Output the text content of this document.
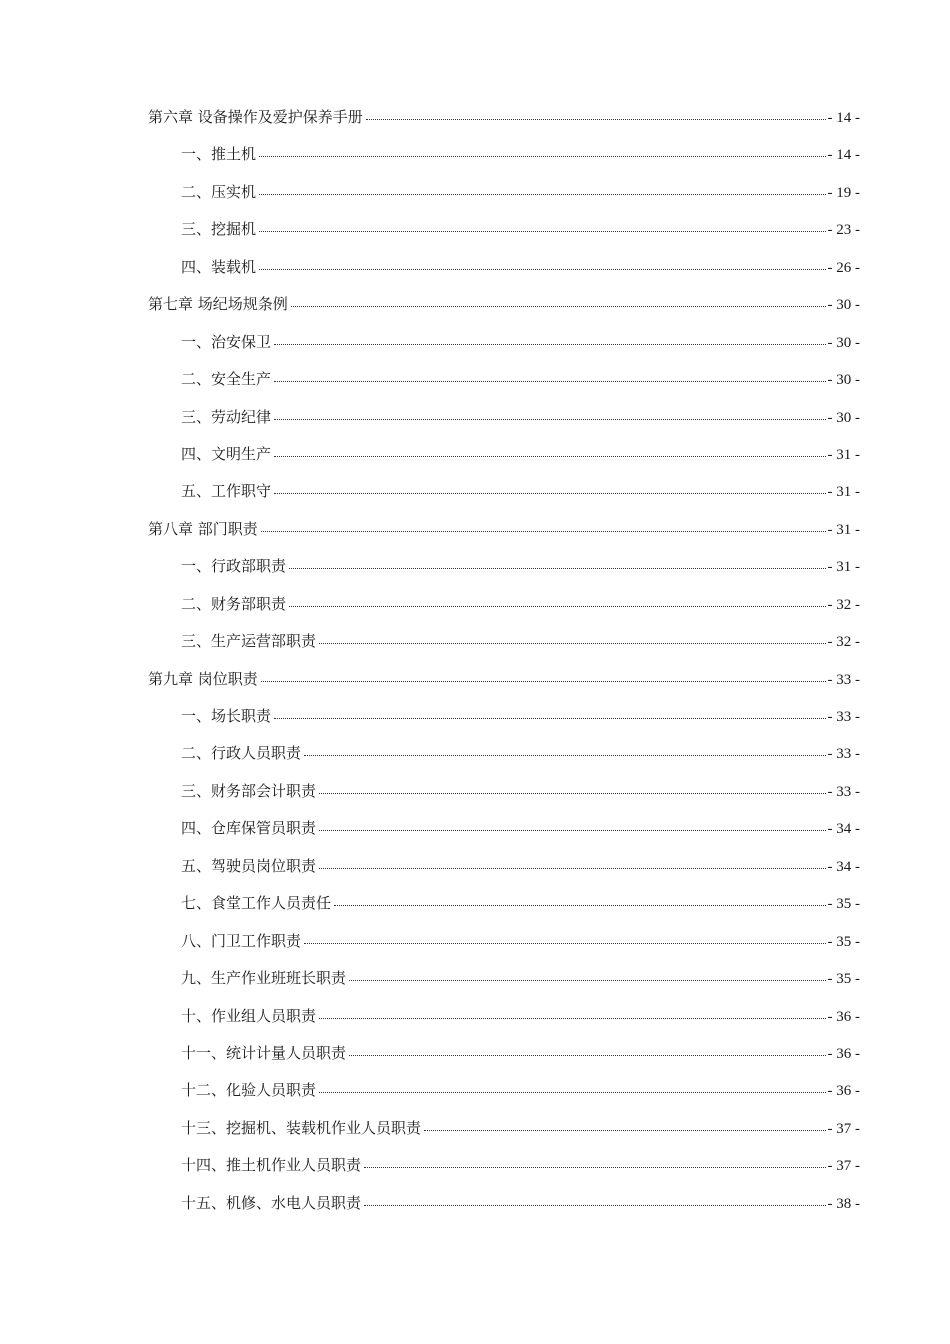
第六章 设备操作及爱护保养手册	- 14 -
一、推土机	- 14 -
二、压实机	- 19 -
三、挖掘机	- 23 -
四、装载机	- 26 -
第七章 场纪场规条例	- 30 -
一、治安保卫	- 30 -
二、安全生产	- 30 -
三、劳动纪律	- 30 -
四、文明生产	- 31 -
五、工作职守	- 31 -
第八章 部门职责	- 31 -
一、行政部职责	- 31 -
二、财务部职责	- 32 -
三、生产运营部职责	- 32 -
第九章 岗位职责	- 33 -
一、场长职责	- 33 -
二、行政人员职责	- 33 -
三、财务部会计职责	- 33 -
四、仓库保管员职责	- 34 -
五、驾驶员岗位职责	- 34 -
七、食堂工作人员责任	- 35 -
八、门卫工作职责	- 35 -
九、生产作业班班长职责	- 35 -
十、作业组人员职责	- 36 -
十一、统计计量人员职责	- 36 -
十二、化验人员职责	- 36 -
十三、挖掘机、装载机作业人员职责	- 37 -
十四、推土机作业人员职责	- 37 -
十五、机修、水电人员职责	- 38 -
